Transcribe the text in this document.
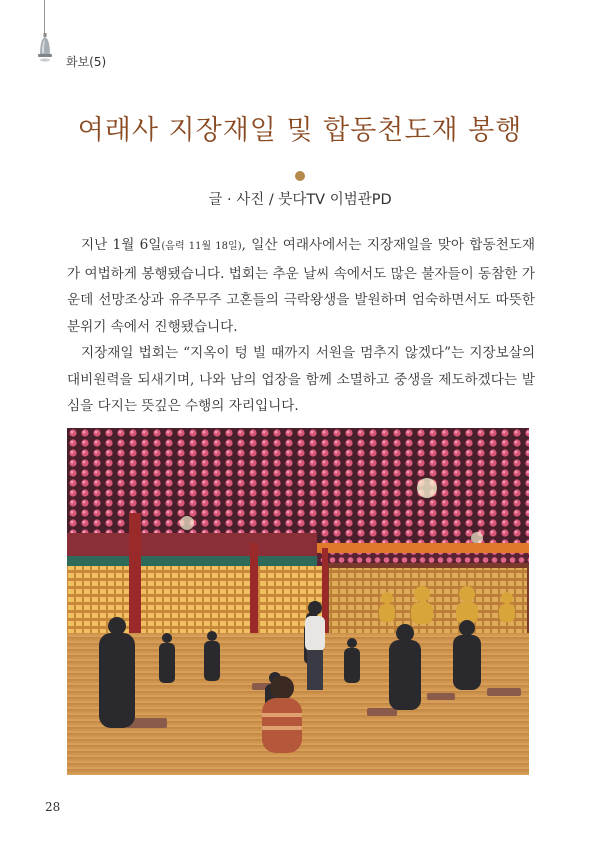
화보(5)
여래사 지장재일 및 합동천도재 봉행
글 · 사진 / 붓다TV 이범관PD

지난 1월 6일(음력 11월 18일), 일산 여래사에서는 지장재일을 맞아 합동천도재가 여법하게 봉행됐습니다. 법회는 추운 날씨 속에서도 많은 불자들이 동참한 가운데 선망조상과 유주무주 고혼들의 극락왕생을 발원하며 엄숙하면서도 따뜻한 분위기 속에서 진행됐습니다.

지장재일 법회는 “지옥이 텅 빌 때까지 서원을 멈추지 않겠다”는 지장보살의 대비원력을 되새기며, 나와 남의 업장을 함께 소멸하고 중생을 제도하겠다는 발심을 다지는 뜻깊은 수행의 자리입니다.

28
